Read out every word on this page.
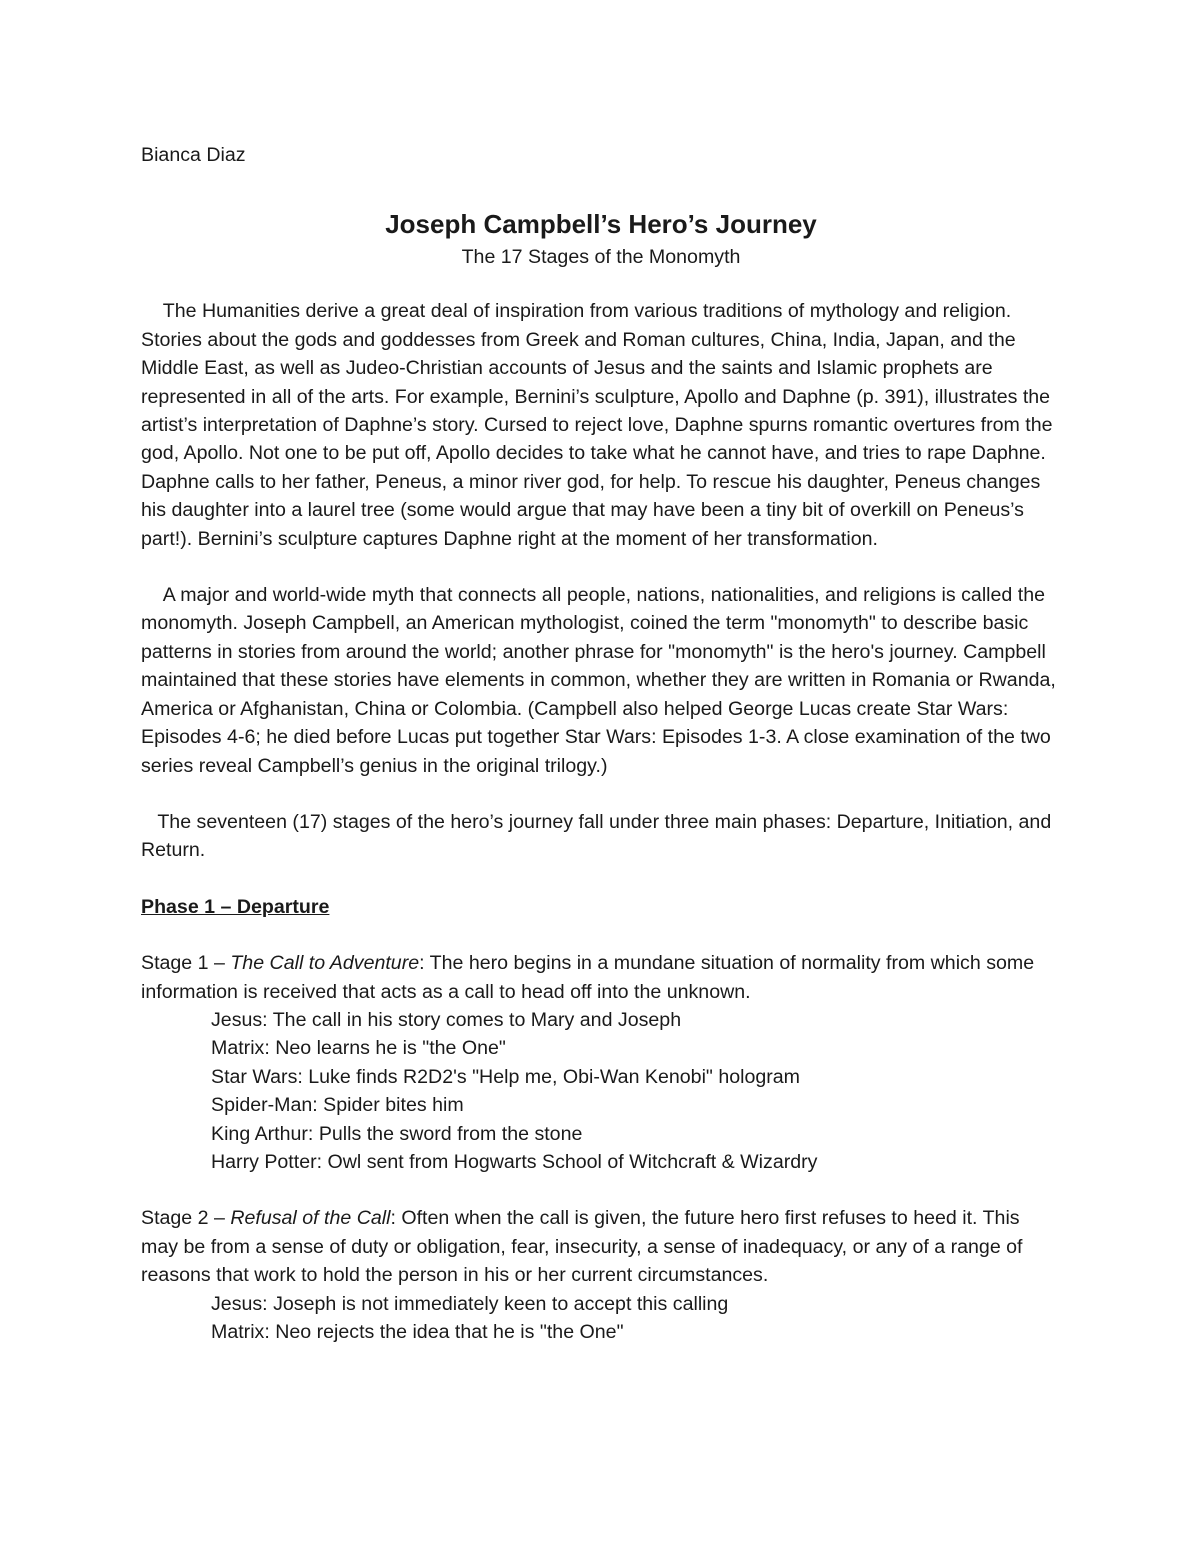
Bianca Diaz

Joseph Campbell’s Hero’s Journey

The 17 Stages of the Monomyth

The Humanities derive a great deal of inspiration from various traditions of mythology and religion. Stories about the gods and goddesses from Greek and Roman cultures, China, India, Japan, and the Middle East, as well as Judeo-Christian accounts of Jesus and the saints and Islamic prophets are represented in all of the arts. For example, Bernini’s sculpture, Apollo and Daphne (p. 391), illustrates the artist’s interpretation of Daphne’s story. Cursed to reject love, Daphne spurns romantic overtures from the god, Apollo. Not one to be put off, Apollo decides to take what he cannot have, and tries to rape Daphne. Daphne calls to her father, Peneus, a minor river god, for help. To rescue his daughter, Peneus changes his daughter into a laurel tree (some would argue that may have been a tiny bit of overkill on Peneus’s part!). Bernini’s sculpture captures Daphne right at the moment of her transformation.

A major and world-wide myth that connects all people, nations, nationalities, and religions is called the monomyth. Joseph Campbell, an American mythologist, coined the term "monomyth" to describe basic patterns in stories from around the world; another phrase for "monomyth" is the hero's journey. Campbell maintained that these stories have elements in common, whether they are written in Romania or Rwanda, America or Afghanistan, China or Colombia. (Campbell also helped George Lucas create Star Wars: Episodes 4-6; he died before Lucas put together Star Wars: Episodes 1-3. A close examination of the two series reveal Campbell’s genius in the original trilogy.)

The seventeen (17) stages of the hero’s journey fall under three main phases: Departure, Initiation, and Return.

Phase 1 – Departure

Stage 1 – The Call to Adventure: The hero begins in a mundane situation of normality from which some information is received that acts as a call to head off into the unknown.

Jesus: The call in his story comes to Mary and Joseph

Matrix: Neo learns he is "the One"

Star Wars: Luke finds R2D2's "Help me, Obi-Wan Kenobi" hologram

Spider-Man: Spider bites him

King Arthur: Pulls the sword from the stone

Harry Potter: Owl sent from Hogwarts School of Witchcraft & Wizardry

Stage 2 – Refusal of the Call: Often when the call is given, the future hero first refuses to heed it. This may be from a sense of duty or obligation, fear, insecurity, a sense of inadequacy, or any of a range of reasons that work to hold the person in his or her current circumstances.

Jesus: Joseph is not immediately keen to accept this calling

Matrix: Neo rejects the idea that he is "the One"
